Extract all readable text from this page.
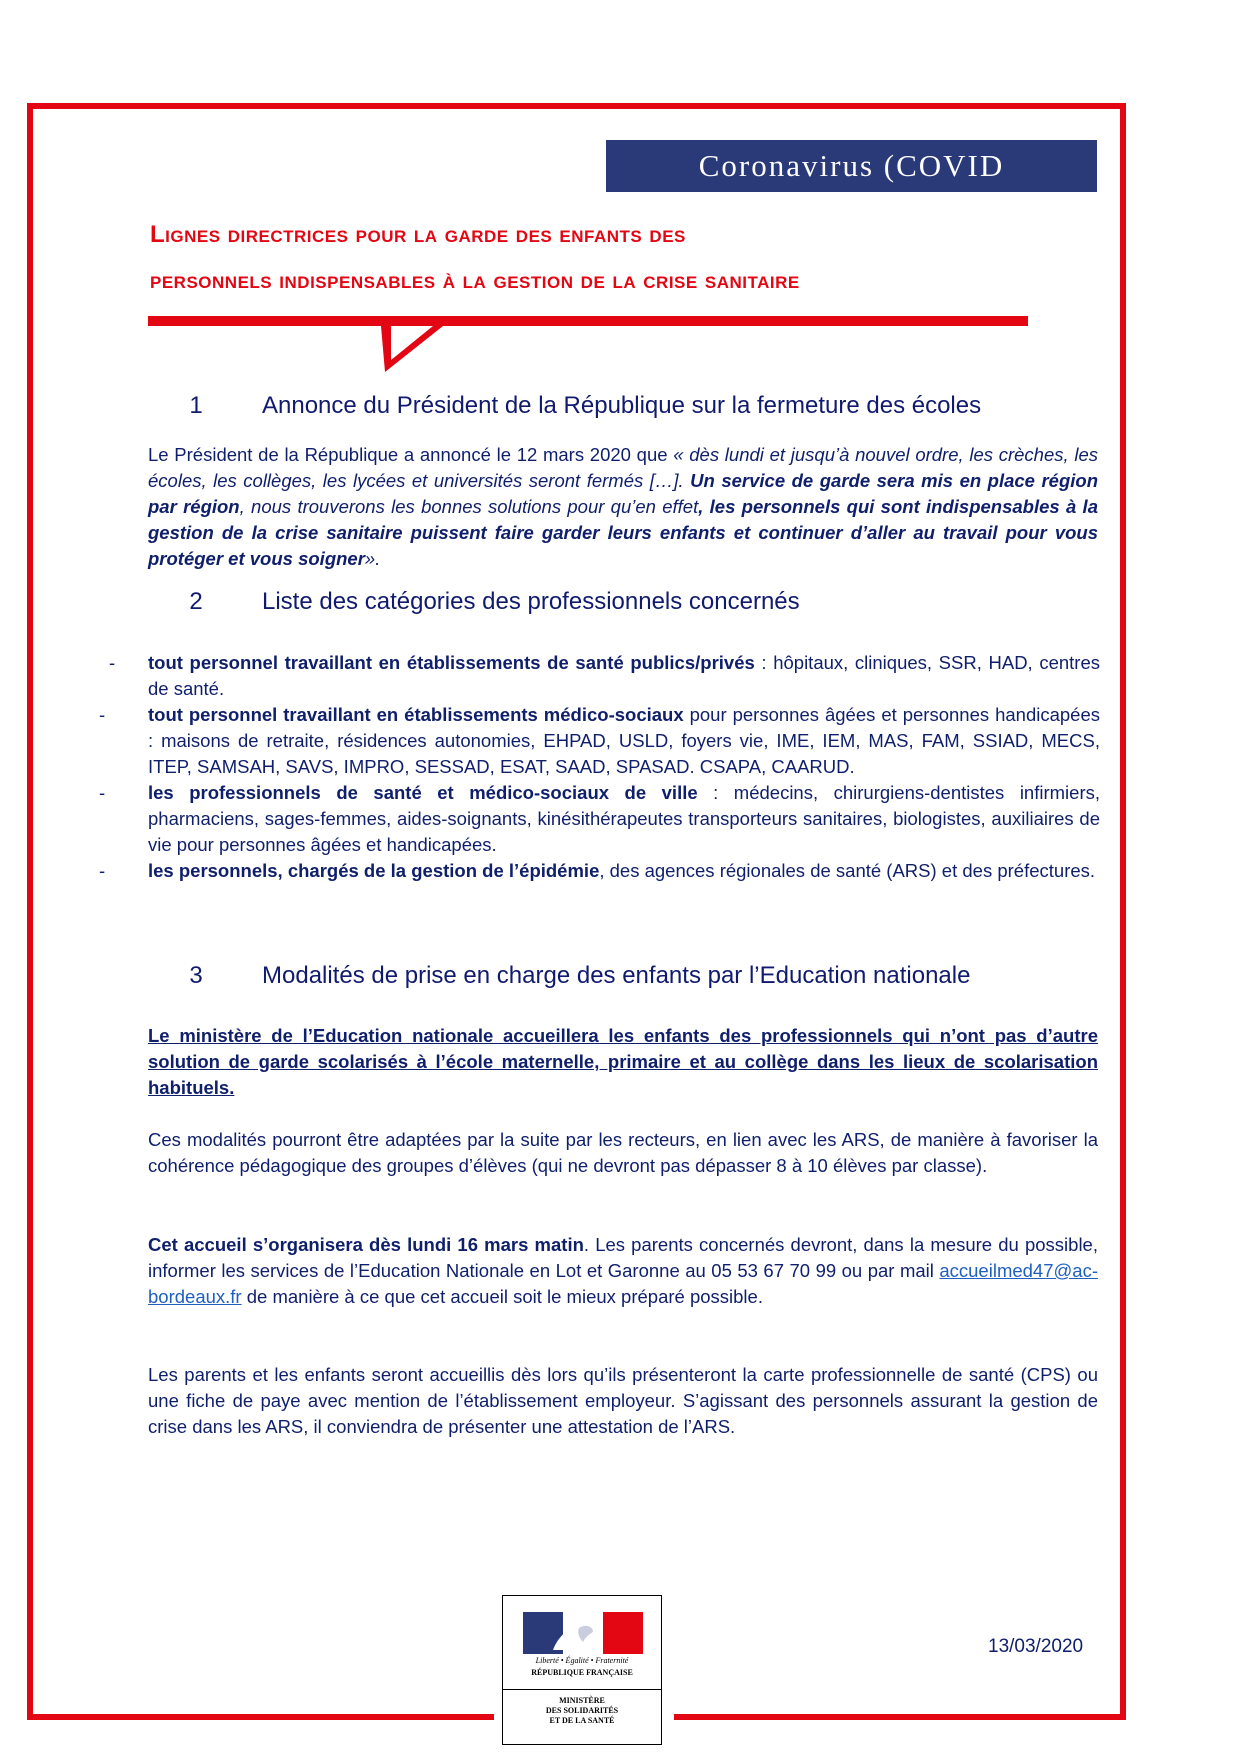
Coronavirus (COVID
Lignes directrices pour la garde des enfants des
personnels indispensables à la gestion de la crise sanitaire
1 Annonce du Président de la République sur la fermeture des écoles
Le Président de la République a annoncé le 12 mars 2020 que « dès lundi et jusqu’à nouvel ordre, les crèches, les écoles, les collèges, les lycées et universités seront fermés […]. Un service de garde sera mis en place région par région, nous trouverons les bonnes solutions pour qu’en effet, les personnels qui sont indispensables à la gestion de la crise sanitaire puissent faire garder leurs enfants et continuer d’aller au travail pour vous protéger et vous soigner».
2 Liste des catégories des professionnels concernés
- tout personnel travaillant en établissements de santé publics/privés : hôpitaux, cliniques, SSR, HAD, centres de santé.
- tout personnel travaillant en établissements médico-sociaux pour personnes âgées et personnes handicapées : maisons de retraite, résidences autonomies, EHPAD, USLD, foyers vie, IME, IEM, MAS, FAM, SSIAD, MECS, ITEP, SAMSAH, SAVS, IMPRO, SESSAD, ESAT, SAAD, SPASAD. CSAPA, CAARUD.
- les professionnels de santé et médico-sociaux de ville : médecins, chirurgiens-dentistes infirmiers, pharmaciens, sages-femmes, aides-soignants, kinésithérapeutes transporteurs sanitaires, biologistes, auxiliaires de vie pour personnes âgées et handicapées.
- les personnels, chargés de la gestion de l’épidémie, des agences régionales de santé (ARS) et des préfectures.
3 Modalités de prise en charge des enfants par l’Education nationale
Le ministère de l’Education nationale accueillera les enfants des professionnels qui n’ont pas d’autre solution de garde scolarisés à l’école maternelle, primaire et au collège dans les lieux de scolarisation habituels.
Ces modalités pourront être adaptées par la suite par les recteurs, en lien avec les ARS, de manière à favoriser la cohérence pédagogique des groupes d’élèves (qui ne devront pas dépasser 8 à 10 élèves par classe).
Cet accueil s’organisera dès lundi 16 mars matin. Les parents concernés devront, dans la mesure du possible, informer les services de l’Education Nationale en Lot et Garonne au 05 53 67 70 99 ou par mail accueilmed47@ac-bordeaux.fr de manière à ce que cet accueil soit le mieux préparé possible.
Les parents et les enfants seront accueillis dès lors qu’ils présenteront la carte professionnelle de santé (CPS) ou une fiche de paye avec mention de l’établissement employeur. S’agissant des personnels assurant la gestion de crise dans les ARS, il conviendra de présenter une attestation de l’ARS.
13/03/2020
Liberté • Égalité • Fraternité
RÉPUBLIQUE FRANÇAISE
MINISTÈRE
DES SOLIDARITÉS
ET DE LA SANTÉ
